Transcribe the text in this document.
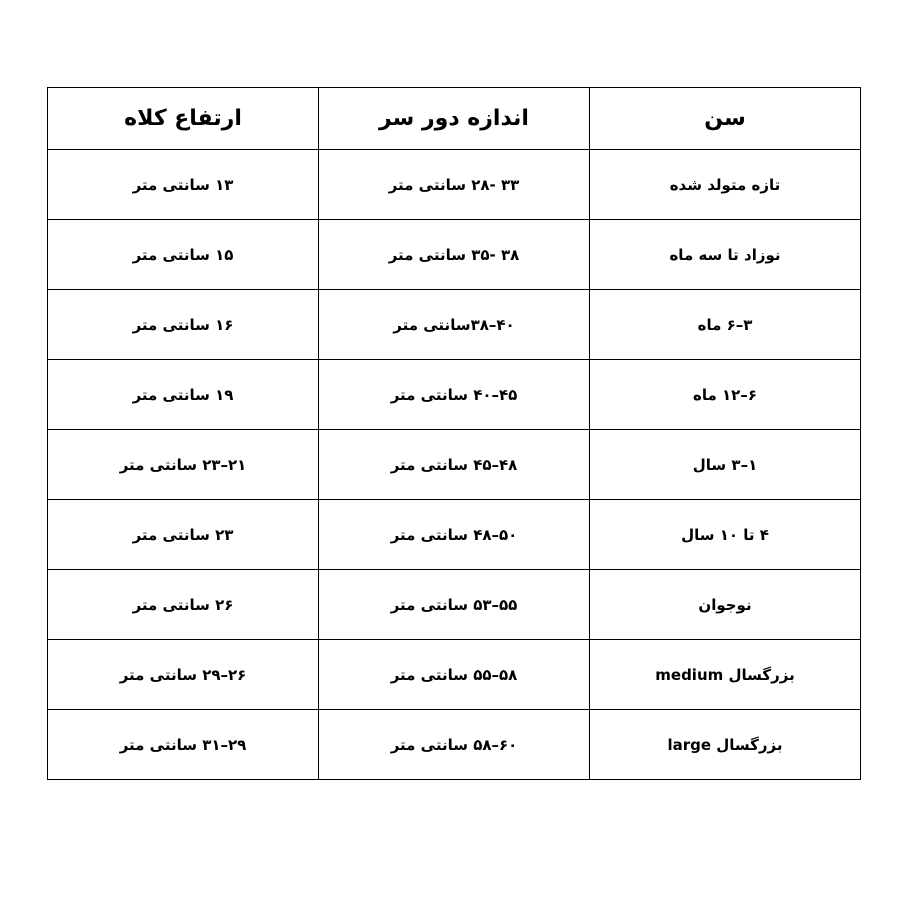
سن	اندازه دور سر	ارتفاع کلاه
تازه متولد شده	۳۳ -۲۸ سانتی متر	۱۳ سانتی متر
نوزاد تا سه ماه	۳۸ -۳۵ سانتی متر	۱۵ سانتی متر
۳–۶ ماه	۴۰–۳۸سانتی متر	۱۶ سانتی متر
۶–۱۲ ماه	۴۵–۴۰ سانتی متر	۱۹ سانتی متر
۱–۳ سال	۴۸–۴۵ سانتی متر	۲۱–۲۳ سانتی متر
۴ تا ۱۰ سال	۵۰–۴۸ سانتی متر	۲۳ سانتی متر
نوجوان	۵۵–۵۳ سانتی متر	۲۶ سانتی متر
بزرگسال medium	۵۸–۵۵ سانتی متر	۲۶–۲۹ سانتی متر
بزرگسال large	۶۰–۵۸ سانتی متر	۲۹–۳۱ سانتی متر
